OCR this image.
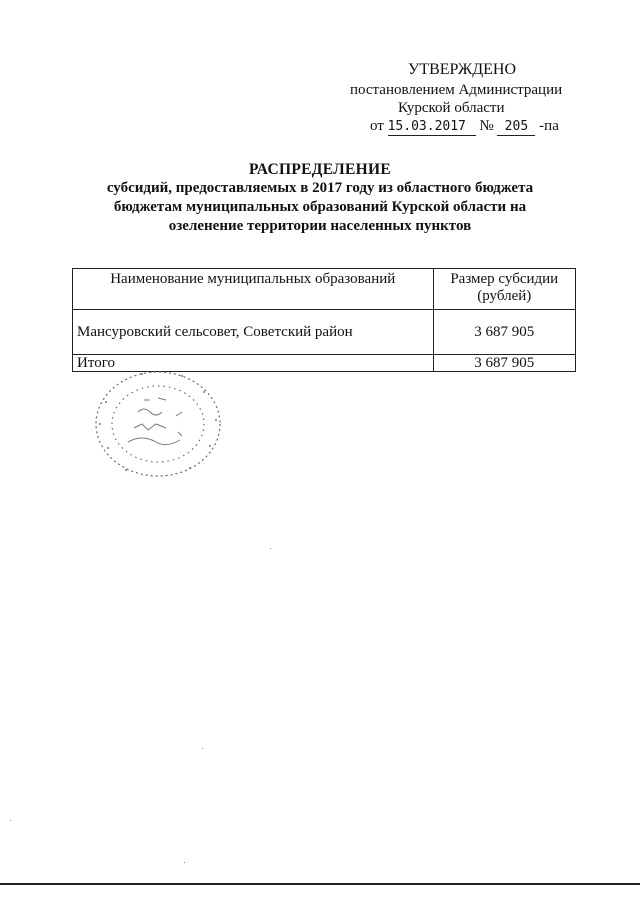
УТВЕРЖДЕНО
постановлением Администрации
Курской области
от 15.03.2017 № 205 -па
РАСПРЕДЕЛЕНИЕ
субсидий, предоставляемых в 2017 году из областного бюджета
бюджетам муниципальных образований Курской области на
озеленение территории населенных пунктов
Наименование муниципальных образований	Размер субсидии (рублей)
Мансуровский сельсовет, Советский район	3 687 905
Итого	3 687 905
